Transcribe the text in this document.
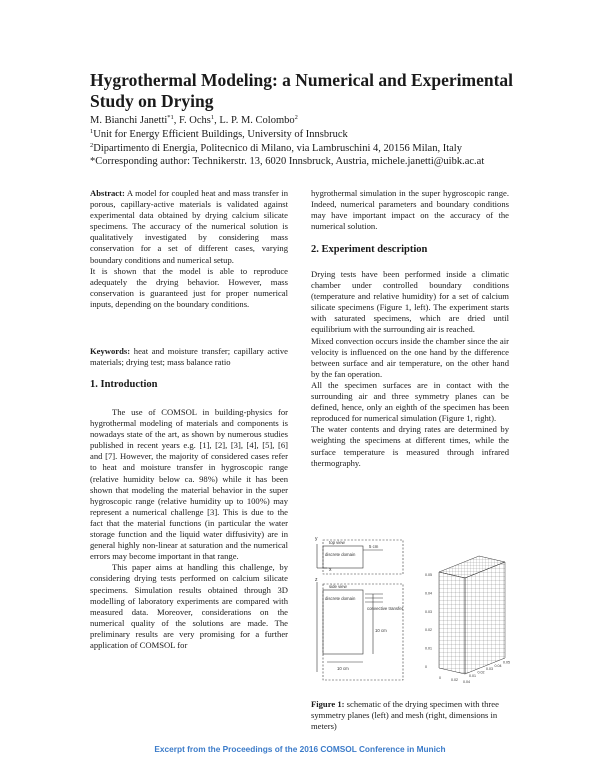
Hygrothermal Modeling: a Numerical and Experimental Study on Drying
M. Bianchi Janetti$^{*1}$, F. Ochs$^1$, L. P. M. Colombo$^2$
$^1$Unit for Energy Efficient Buildings, University of Innsbruck
$^2$Dipartimento di Energia, Politecnico di Milano, via Lambruschini 4, 20156 Milan, Italy
*Corresponding author: Technikerstr. 13, 6020 Innsbruck, Austria, michele.janetti@uibk.ac.at

Abstract: A model for coupled heat and mass transfer in porous, capillary-active materials is validated against experimental data obtained by drying calcium silicate specimens. The accuracy of the numerical solution is qualitatively investigated by considering mass conservation for a set of different cases, varying boundary conditions and numerical setup.

It is shown that the model is able to reproduce adequately the drying behavior. However, mass conservation is guaranteed just for proper numerical inputs, depending on the boundary conditions.

Keywords: heat and moisture transfer; capillary active materials; drying test; mass balance ratio

1. Introduction

The use of COMSOL in building-physics for hygrothermal modeling of materials and components is nowadays state of the art, as shown by numerous studies published in recent years e.g. [1], [2], [3], [4], [5], [6] and [7]. However, the majority of considered cases refer to heat and moisture transfer in hygroscopic range (relative humidity below ca. 98%) while it has been shown that modeling the material behavior in the super hygroscopic range (relative humidity up to 100%) may represent a numerical challenge [3]. This is due to the fact that the material functions (in particular the water storage function and the liquid water diffusivity) are in general highly non-linear at saturation and the numerical errors may become important in that range.

This paper aims at handling this challenge, by considering drying tests performed on calcium silicate specimens. Simulation results obtained through 3D modelling of laboratory experiments are compared with measured data. Moreover, considerations on the numerical quality of the solutions are made. The preliminary results are very promising for a further application of COMSOL for

hygrothermal simulation in the super hygroscopic range. Indeed, numerical parameters and boundary conditions may have important impact on the accuracy of the numerical solution.

2. Experiment description

Drying tests have been performed inside a climatic chamber under controlled boundary conditions (temperature and relative humidity) for a set of calcium silicate specimens (Figure 1, left). The experiment starts with saturated specimens, which are dried until equilibrium with the surrounding air is reached.

Mixed convection occurs inside the chamber since the air velocity is influenced on the one hand by the difference between surface and air temperature, on the other hand by the fan operation.

All the specimen surfaces are in contact with the surrounding air and three symmetry planes can be defined, hence, only an eighth of the specimen has been reproduced for numerical simulation (Figure 1, right).

The water contents and drying rates are determined by weighting the specimens at different times, while the surface temperature is measured through infrared thermography.

y
x
z
top view
discrete domain
5 cm
side view
discrete domain
convective transfer
10 cm
10 cm
0.05
0.04
0.03
0.02
0.01
0
0	0.02 0.04
0.01
0.02
0.03
0.04
0.05
Figure 1: schematic of the drying specimen with three symmetry planes (left) and mesh (right, dimensions in meters)
Excerpt from the Proceedings of the 2016 COMSOL Conference in Munich
